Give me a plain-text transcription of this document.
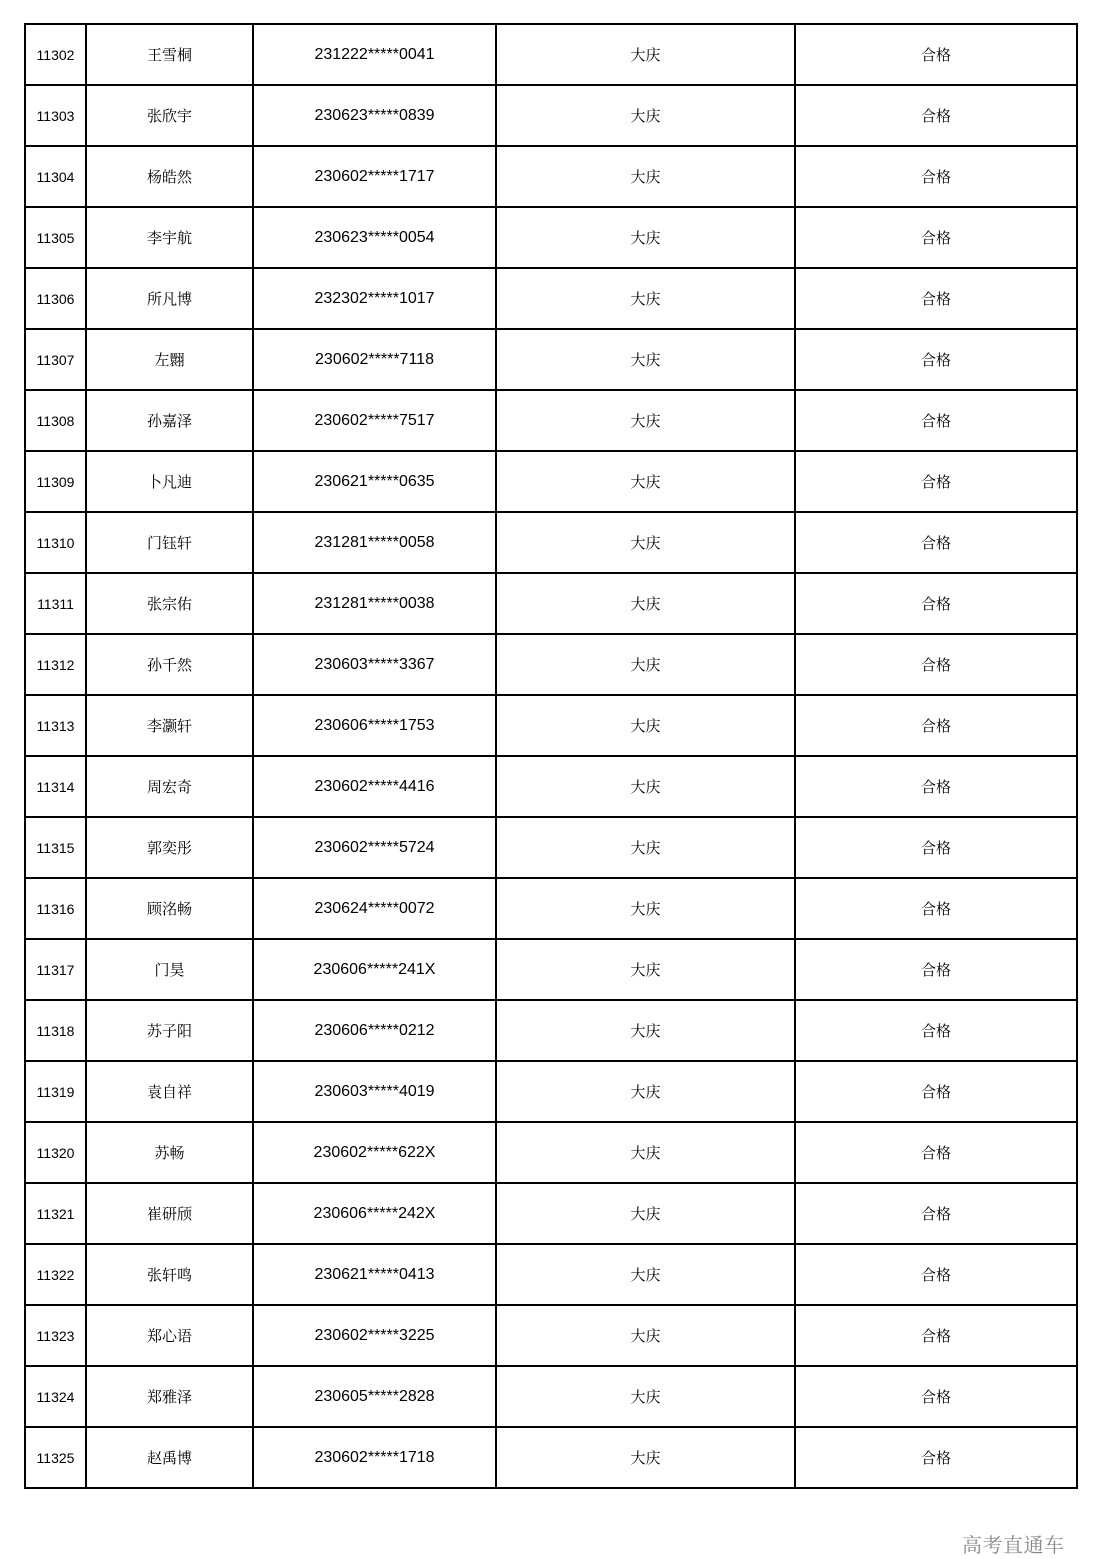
11302	王雪桐	231222*****0041	大庆	合格
11303	张欣宇	230623*****0839	大庆	合格
11304	杨皓然	230602*****1717	大庆	合格
11305	李宇航	230623*****0054	大庆	合格
11306	所凡博	232302*****1017	大庆	合格
11307	左翾	230602*****7118	大庆	合格
11308	孙嘉泽	230602*****7517	大庆	合格
11309	卜凡迪	230621*****0635	大庆	合格
11310	门钰轩	231281*****0058	大庆	合格
11311	张宗佑	231281*****0038	大庆	合格
11312	孙千然	230603*****3367	大庆	合格
11313	李灏轩	230606*****1753	大庆	合格
11314	周宏奇	230602*****4416	大庆	合格
11315	郭奕彤	230602*****5724	大庆	合格
11316	顾洺畅	230624*****0072	大庆	合格
11317	门昊	230606*****241X	大庆	合格
11318	苏子阳	230606*****0212	大庆	合格
11319	袁自祥	230603*****4019	大庆	合格
11320	苏畅	230602*****622X	大庆	合格
11321	崔研颀	230606*****242X	大庆	合格
11322	张轩鸣	230621*****0413	大庆	合格
11323	郑心语	230602*****3225	大庆	合格
11324	郑雅泽	230605*****2828	大庆	合格
11325	赵禹博	230602*****1718	大庆	合格
高考直通车
